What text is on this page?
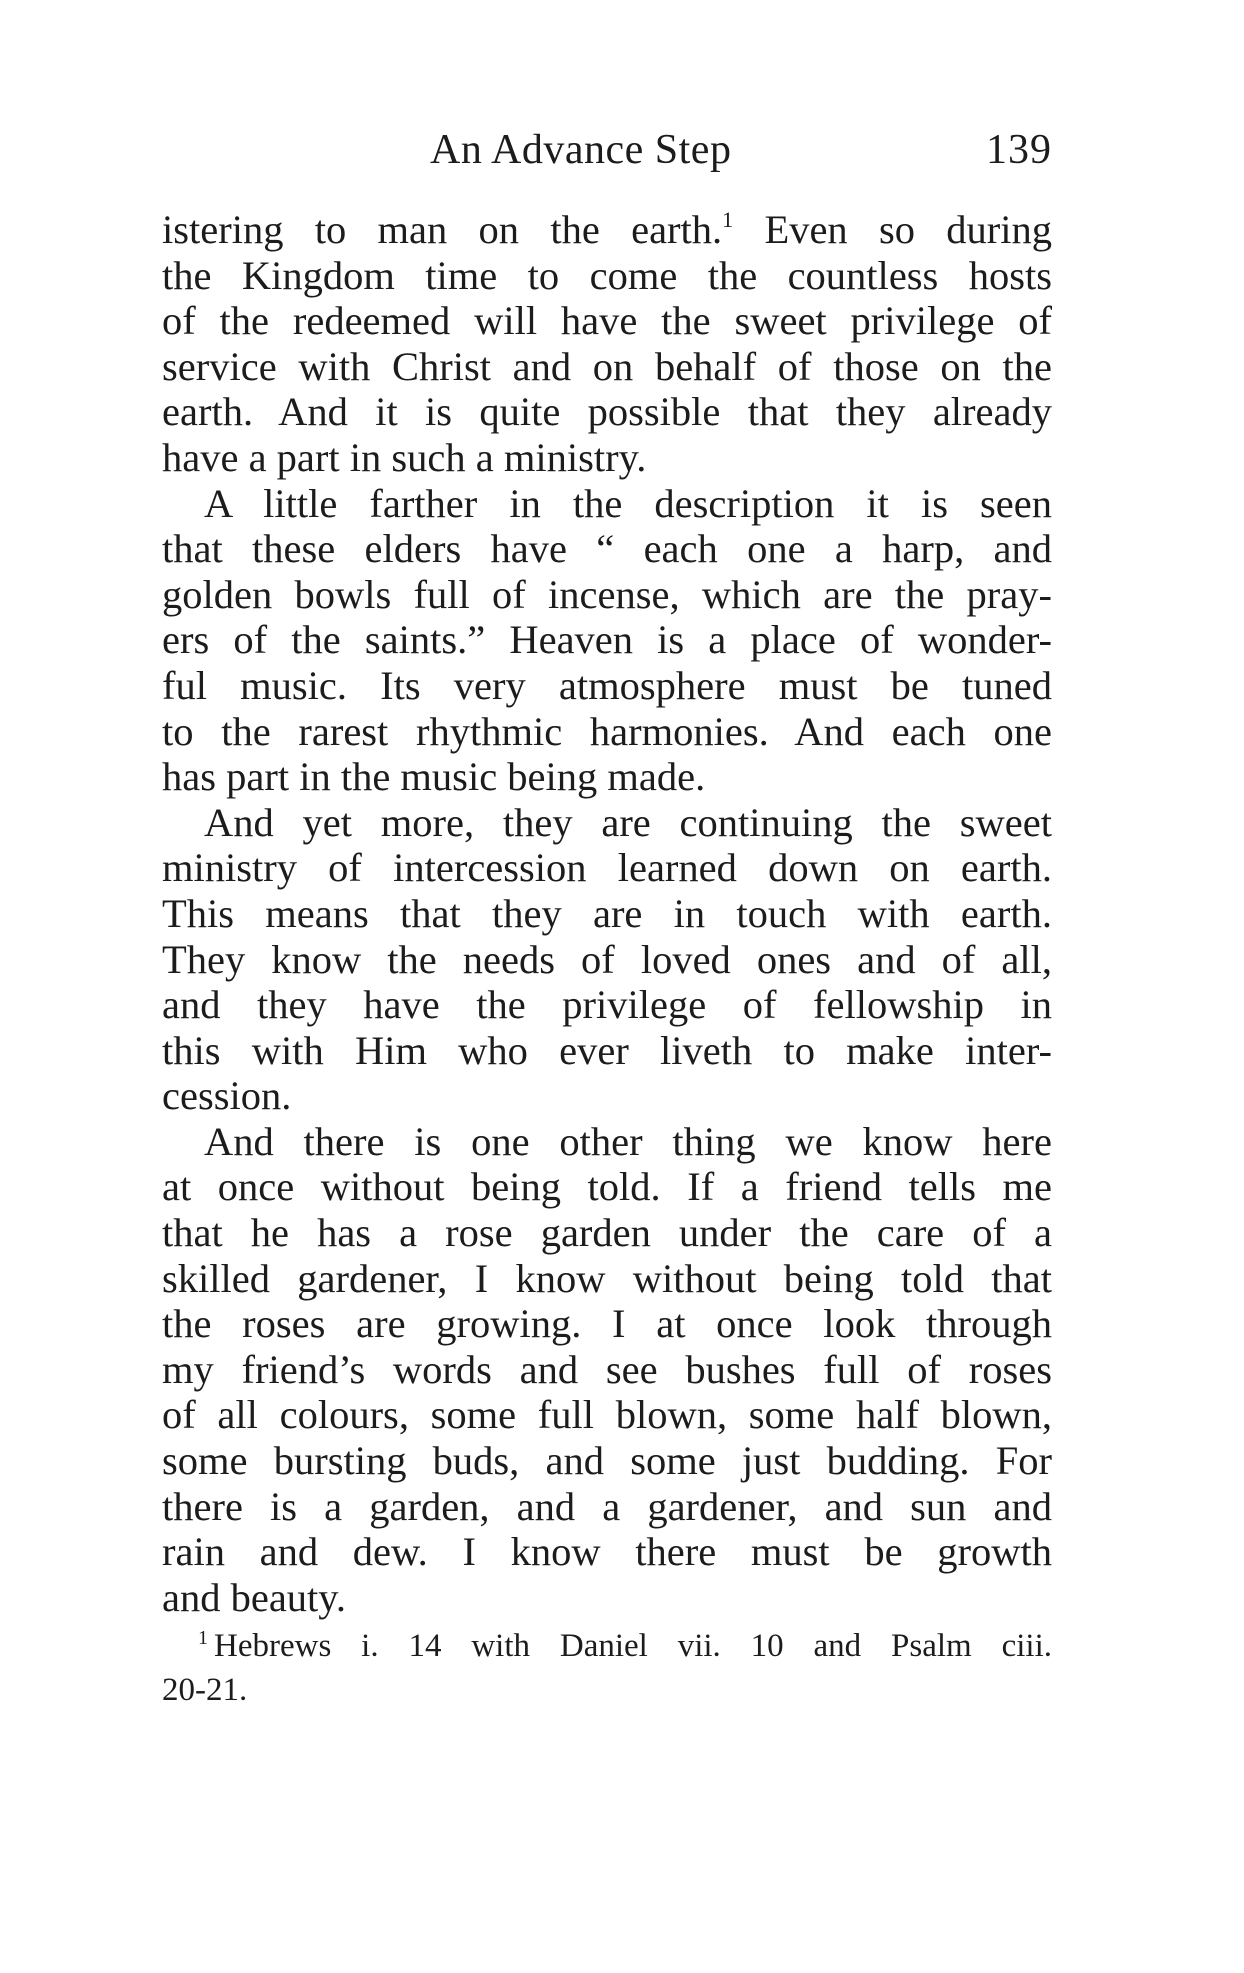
An Advance Step	139
istering to man on the earth.$^1$ Even so during
the Kingdom time to come the countless hosts
of the redeemed will have the sweet privilege of
service with Christ and on behalf of those on the
earth. And it is quite possible that they already
have a part in such a ministry.
A little farther in the description it is seen
that these elders have “ each one a harp, and
golden bowls full of incense, which are the pray-
ers of the saints.” Heaven is a place of wonder-
ful music. Its very atmosphere must be tuned
to the rarest rhythmic harmonies. And each one
has part in the music being made.
And yet more, they are continuing the sweet
ministry of intercession learned down on earth.
This means that they are in touch with earth.
They know the needs of loved ones and of all,
and they have the privilege of fellowship in
this with Him who ever liveth to make inter-
cession.
And there is one other thing we know here
at once without being told. If a friend tells me
that he has a rose garden under the care of a
skilled gardener, I know without being told that
the roses are growing. I at once look through
my friend’s words and see bushes full of roses
of all colours, some full blown, some half blown,
some bursting buds, and some just budding. For
there is a garden, and a gardener, and sun and
rain and dew. I know there must be growth
and beauty.
$^1$ Hebrews i. 14 with Daniel vii. 10 and Psalm ciii.
20-21.
